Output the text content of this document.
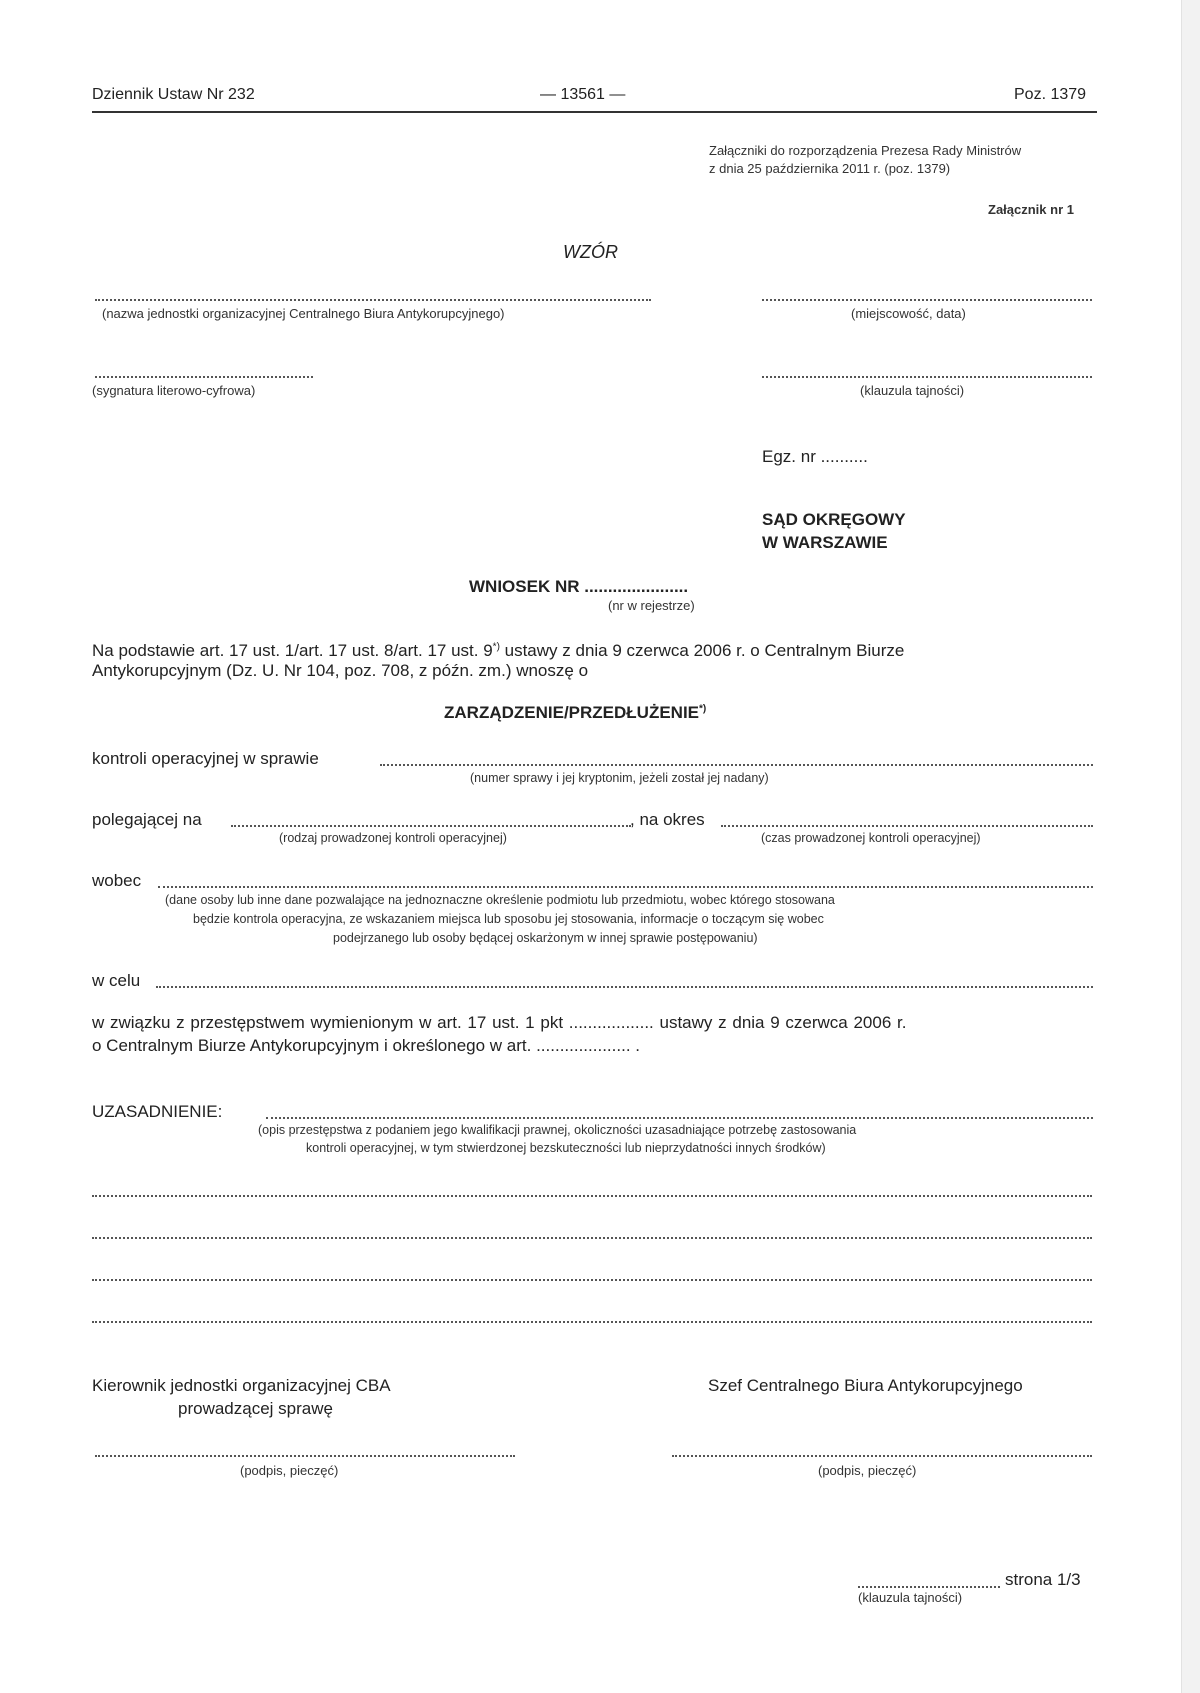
Dziennik Ustaw Nr 232	— 13561 —	Poz. 1379
Załączniki do rozporządzenia Prezesa Rady Ministrów
z dnia 25 października 2011 r. (poz. 1379)
Załącznik nr 1
WZÓR
(nazwa jednostki organizacyjnej Centralnego Biura Antykorupcyjnego)	(miejscowość, data)
(sygnatura literowo-cyfrowa)	(klauzula tajności)
Egz. nr ..........
SĄD OKRĘGOWY
W WARSZAWIE
WNIOSEK NR ......................
(nr w rejestrze)
Na podstawie art. 17 ust. 1/art. 17 ust. 8/art. 17 ust. 9*) ustawy z dnia 9 czerwca 2006 r. o Centralnym Biurze
Antykorupcyjnym (Dz. U. Nr 104, poz. 708, z późn. zm.) wnoszę o
ZARZĄDZENIE/PRZEDŁUŻENIE*)
kontroli operacyjnej w sprawie
(numer sprawy i jej kryptonim, jeżeli został jej nadany)
polegającej na	, na okres
(rodzaj prowadzonej kontroli operacyjnej)	(czas prowadzonej kontroli operacyjnej)
wobec
(dane osoby lub inne dane pozwalające na jednoznaczne określenie podmiotu lub przedmiotu, wobec którego stosowana
będzie kontrola operacyjna, ze wskazaniem miejsca lub sposobu jej stosowania, informacje o toczącym się wobec
podejrzanego lub osoby będącej oskarżonym w innej sprawie postępowaniu)
w celu
w związku z przestępstwem wymienionym w art. 17 ust. 1 pkt .................. ustawy z dnia 9 czerwca 2006 r.
o Centralnym Biurze Antykorupcyjnym i określonego w art. .................... .
UZASADNIENIE:
(opis przestępstwa z podaniem jego kwalifikacji prawnej, okoliczności uzasadniające potrzebę zastosowania
kontroli operacyjnej, w tym stwierdzonej bezskuteczności lub nieprzydatności innych środków)
Kierownik jednostki organizacyjnej CBA
prowadzącej sprawę
Szef Centralnego Biura Antykorupcyjnego
(podpis, pieczęć)	(podpis, pieczęć)
strona 1/3
(klauzula tajności)
